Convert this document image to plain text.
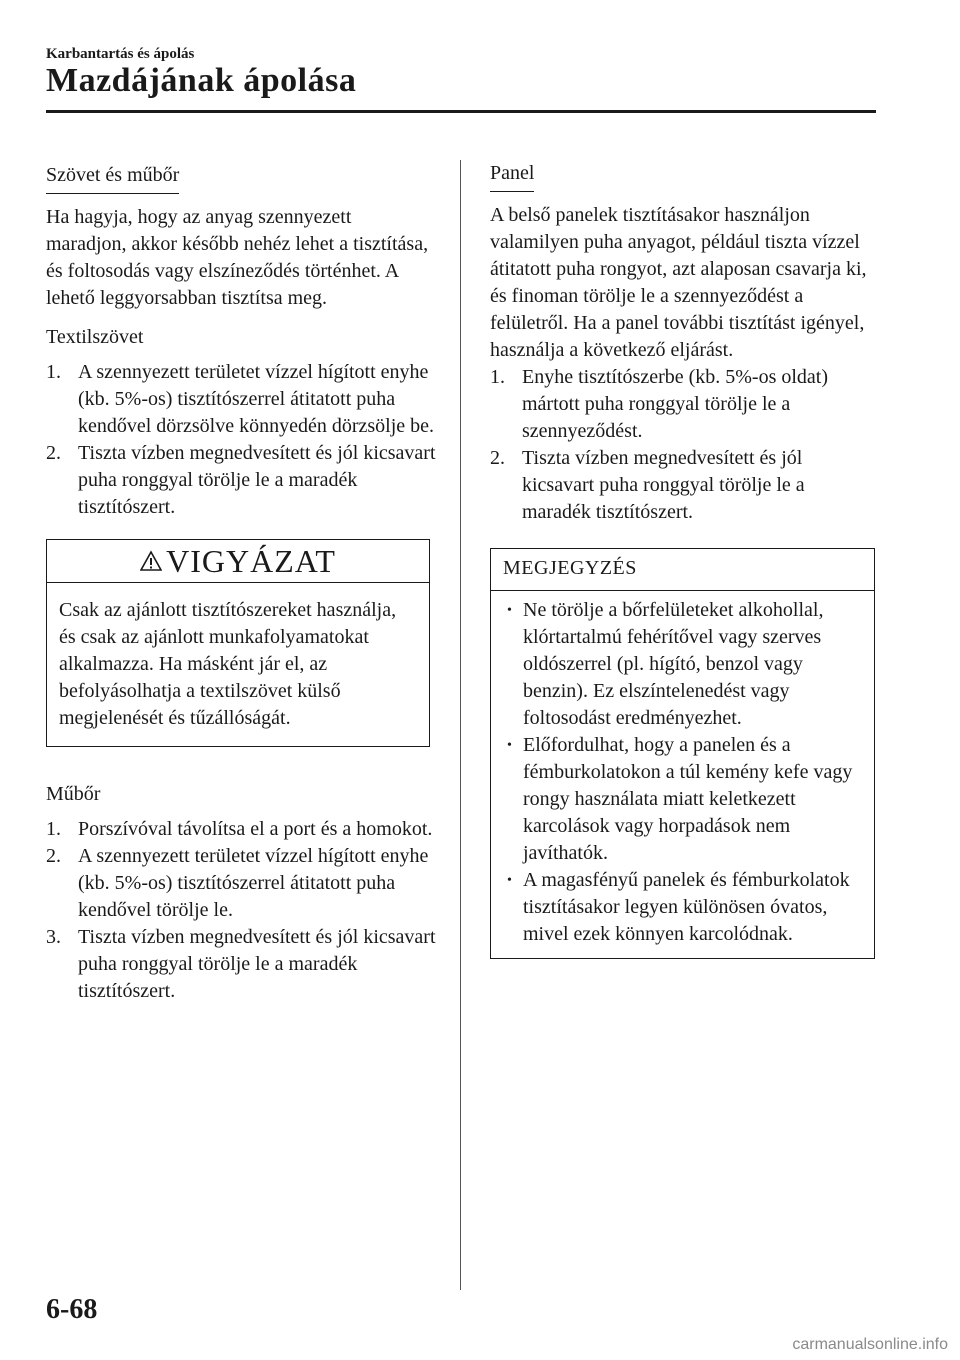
Karbantartás és ápolás
Mazdájának ápolása
Szövet és műbőr

Ha hagyja, hogy az anyag szennyezett maradjon, akkor később nehéz lehet a tisztítása, és foltosodás vagy elszíneződés történhet. A lehető leggyorsabban tisztítsa meg.

Textilszövet

1. A szennyezett területet vízzel hígított enyhe (kb. 5%-os) tisztítószerrel átitatott puha kendővel dörzsölve könnyedén dörzsölje be.
2. Tiszta vízben megnedvesített és jól kicsavart puha ronggyal törölje le a maradék tisztítószert.
VIGYÁZAT
Csak az ajánlott tisztítószereket használja, és csak az ajánlott munkafolyamatokat alkalmazza. Ha másként jár el, az befolyásolhatja a textilszövet külső megjelenését és tűzállóságát.

Műbőr

1. Porszívóval távolítsa el a port és a homokot.
2. A szennyezett területet vízzel hígított enyhe (kb. 5%-os) tisztítószerrel átitatott puha kendővel törölje le.
3. Tiszta vízben megnedvesített és jól kicsavart puha ronggyal törölje le a maradék tisztítószert.
Panel

A belső panelek tisztításakor használjon valamilyen puha anyagot, például tiszta vízzel átitatott puha rongyot, azt alaposan csavarja ki, és finoman törölje le a szennyeződést a felületről. Ha a panel további tisztítást igényel, használja a következő eljárást.

1. Enyhe tisztítószerbe (kb. 5%-os oldat) mártott puha ronggyal törölje le a szennyeződést.
2. Tiszta vízben megnedvesített és jól kicsavart puha ronggyal törölje le a maradék tisztítószert.
MEGJEGYZÉS
• Ne törölje a bőrfelületeket alkohollal, klórtartalmú fehérítővel vagy szerves oldószerrel (pl. hígító, benzol vagy benzin). Ez elszíntelenedést vagy foltosodást eredményezhet.
• Előfordulhat, hogy a panelen és a fémburkolatokon a túl kemény kefe vagy rongy használata miatt keletkezett karcolások vagy horpadások nem javíthatók.
• A magasfényű panelek és fémburkolatok tisztításakor legyen különösen óvatos, mivel ezek könnyen karcolódnak.
6-68
carmanualsonline.info
